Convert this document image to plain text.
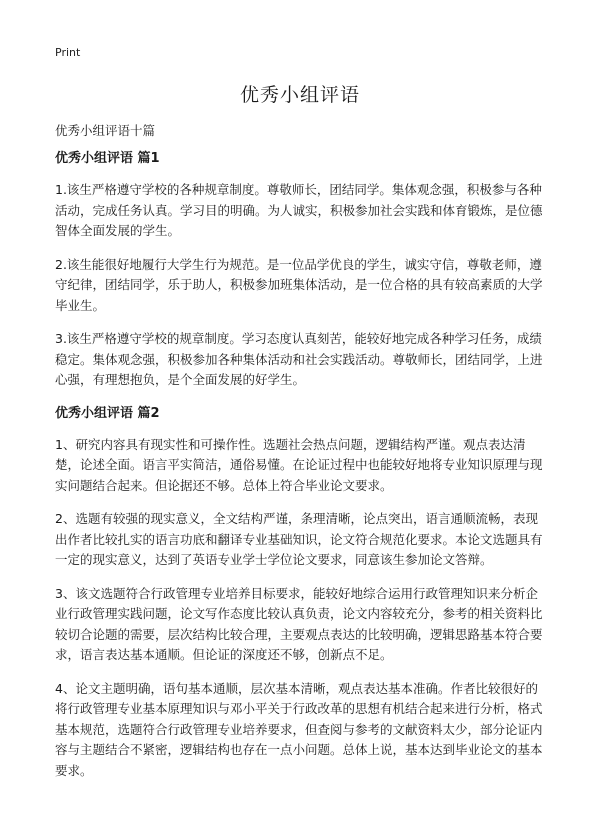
Print
优秀小组评语
优秀小组评语十篇
优秀小组评语 篇1

1.该生严格遵守学校的各种规章制度。尊敬师长，团结同学。集体观念强，积极参与各种活动，完成任务认真。学习目的明确。为人诚实，积极参加社会实践和体育锻炼，是位德智体全面发展的学生。

2.该生能很好地履行大学生行为规范。是一位品学优良的学生，诚实守信，尊敬老师，遵守纪律，团结同学，乐于助人，积极参加班集体活动，是一位合格的具有较高素质的大学毕业生。

3.该生严格遵守学校的规章制度。学习态度认真刻苦，能较好地完成各种学习任务，成绩稳定。集体观念强，积极参加各种集体活动和社会实践活动。尊敬师长，团结同学，上进心强，有理想抱负，是个全面发展的好学生。

优秀小组评语 篇2

1、研究内容具有现实性和可操作性。选题社会热点问题，逻辑结构严谨。观点表达清楚，论述全面。语言平实简洁，通俗易懂。在论证过程中也能较好地将专业知识原理与现实问题结合起来。但论据还不够。总体上符合毕业论文要求。

2、选题有较强的现实意义，全文结构严谨，条理清晰，论点突出，语言通顺流畅，表现出作者比较扎实的语言功底和翻译专业基础知识，论文符合规范化要求。本论文选题具有一定的现实意义，达到了英语专业学士学位论文要求，同意该生参加论文答辩。

3、该文选题符合行政管理专业培养目标要求，能较好地综合运用行政管理知识来分析企业行政管理实践问题，论文写作态度比较认真负责，论文内容较充分，参考的相关资料比较切合论题的需要，层次结构比较合理，主要观点表达的比较明确，逻辑思路基本符合要求，语言表达基本通顺。但论证的深度还不够，创新点不足。

4、论文主题明确，语句基本通顺，层次基本清晰，观点表达基本准确。作者比较很好的将行政管理专业基本原理知识与邓小平关于行政改革的思想有机结合起来进行分析，格式基本规范，选题符合行政管理专业培养要求，但查阅与参考的文献资料太少，部分论证内容与主题结合不紧密，逻辑结构也存在一点小问题。总体上说，基本达到毕业论文的基本要求。
